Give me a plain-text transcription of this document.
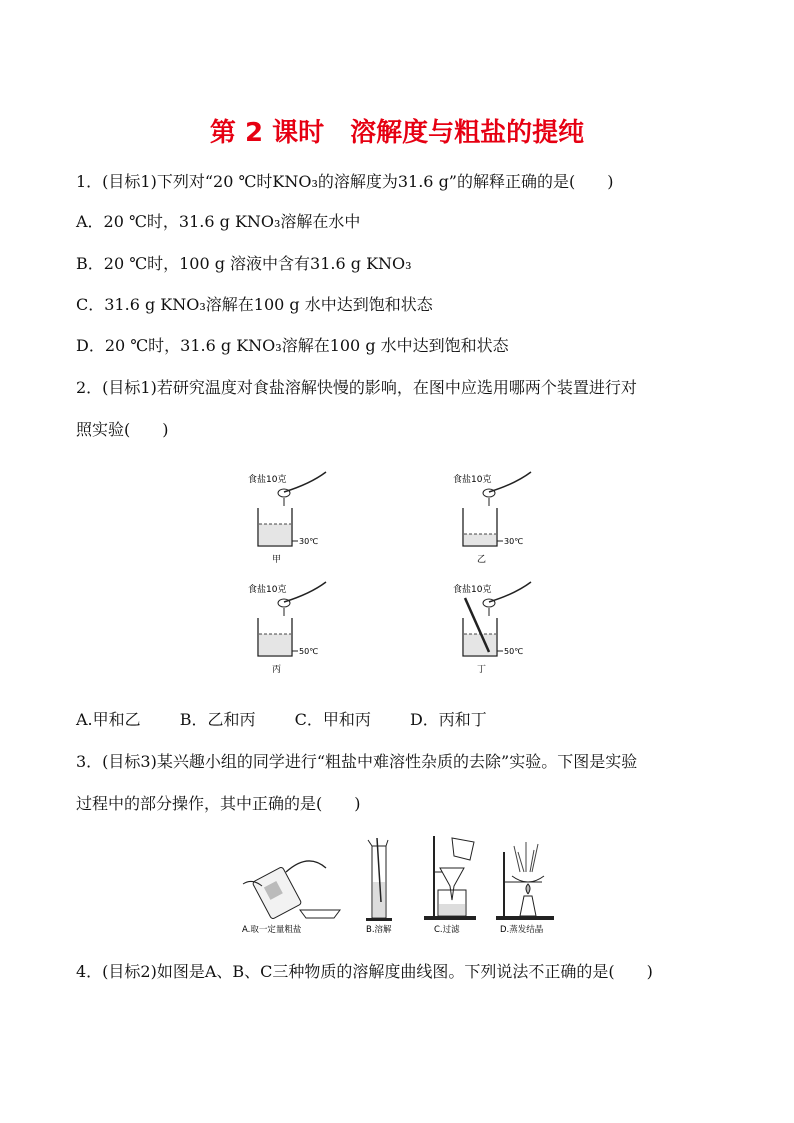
第 2 课时　溶解度与粗盐的提纯
1．(目标1)下列对“20 ℃时KNO₃的溶解度为31.6 g”的解释正确的是(　　)
A．20 ℃时，31.6 g KNO₃溶解在水中
B．20 ℃时，100 g 溶液中含有31.6 g KNO₃
C．31.6 g KNO₃溶解在100 g 水中达到饱和状态
D．20 ℃时，31.6 g KNO₃溶解在100 g 水中达到饱和状态
2．(目标1)若研究温度对食盐溶解快慢的影响，在图中应选用哪两个装置进行对
照实验(　　)
食盐10克
30℃
甲
食盐10克
30℃
乙
食盐10克
50℃
丙
食盐10克
50℃
丁
A.甲和乙 B．乙和丙 C．甲和丙 D．丙和丁
3．(目标3)某兴趣小组的同学进行“粗盐中难溶性杂质的去除”实验。下图是实验
过程中的部分操作，其中正确的是(　　)
A.取一定量粗盐	B.溶解	C.过滤	D.蒸发结晶
4．(目标2)如图是A、B、C三种物质的溶解度曲线图。下列说法不正确的是(　　)
